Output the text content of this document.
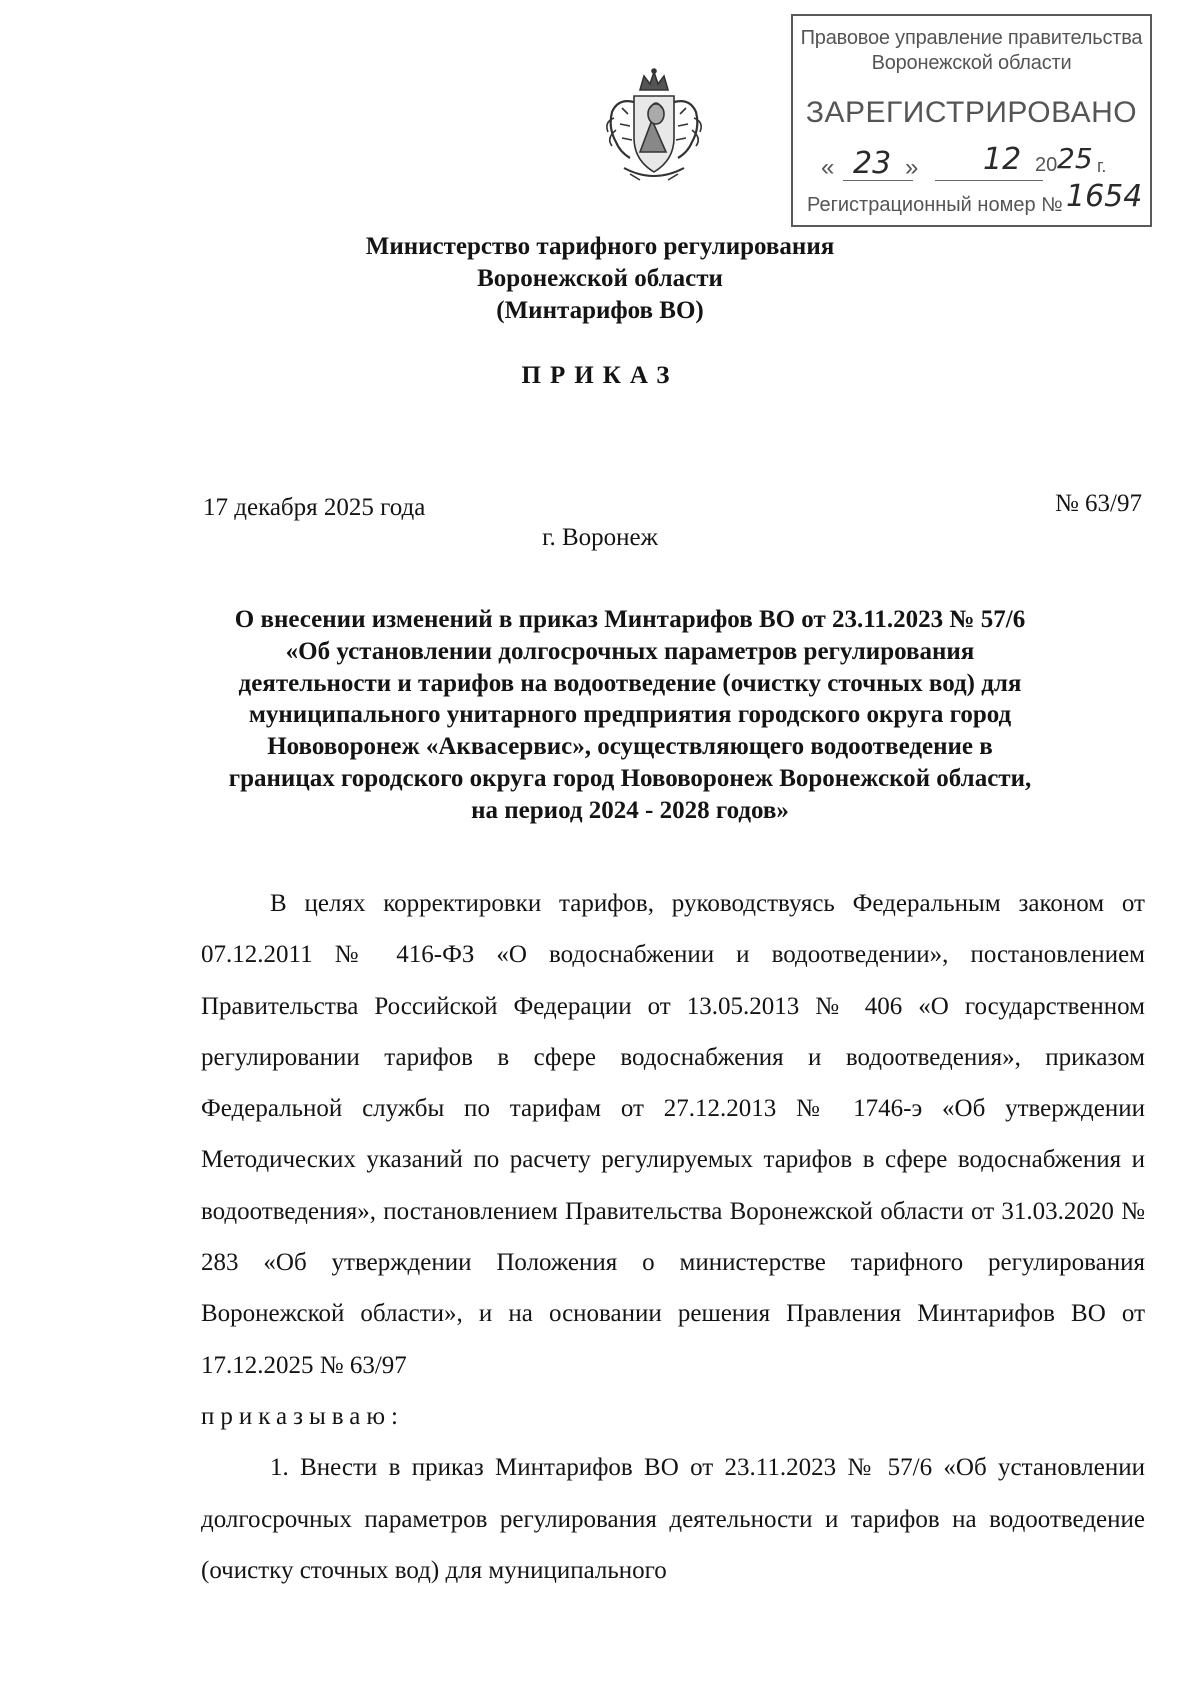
Правовое управление правительства
Воронежской области
ЗАРЕГИСТРИРОВАНО
« 23 » 12 20 25 г.
Регистрационный номер № 1654
Министерство тарифного регулирования
Воронежской области
(Минтарифов ВО)
ПРИКАЗ
17 декабря 2025 года	№ 63/97
г. Воронеж
О внесении изменений в приказ Минтарифов ВО от 23.11.2023 № 57/6
«Об установлении долгосрочных параметров регулирования
деятельности и тарифов на водоотведение (очистку сточных вод) для
муниципального унитарного предприятия городского округа город
Нововоронеж «Аквасервис», осуществляющего водоотведение в
границах городского округа город Нововоронеж Воронежской области,
на период 2024 - 2028 годов»

В целях корректировки тарифов, руководствуясь Федеральным законом от 07.12.2011 № 416-ФЗ «О водоснабжении и водоотведении», постановлением Правительства Российской Федерации от 13.05.2013 № 406 «О государственном регулировании тарифов в сфере водоснабжения и водоотведения», приказом Федеральной службы по тарифам от 27.12.2013 № 1746-э «Об утверждении Методических указаний по расчету регулируемых тарифов в сфере водоснабжения и водоотведения», постановлением Правительства Воронежской области от 31.03.2020 № 283 «Об утверждении Положения о министерстве тарифного регулирования Воронежской области», и на основании решения Правления Минтарифов ВО от 17.12.2025 № 63/97

приказываю:

1. Внести в приказ Минтарифов ВО от 23.11.2023 № 57/6 «Об установлении долгосрочных параметров регулирования деятельности и тарифов на водоотведение (очистку сточных вод) для муниципального
